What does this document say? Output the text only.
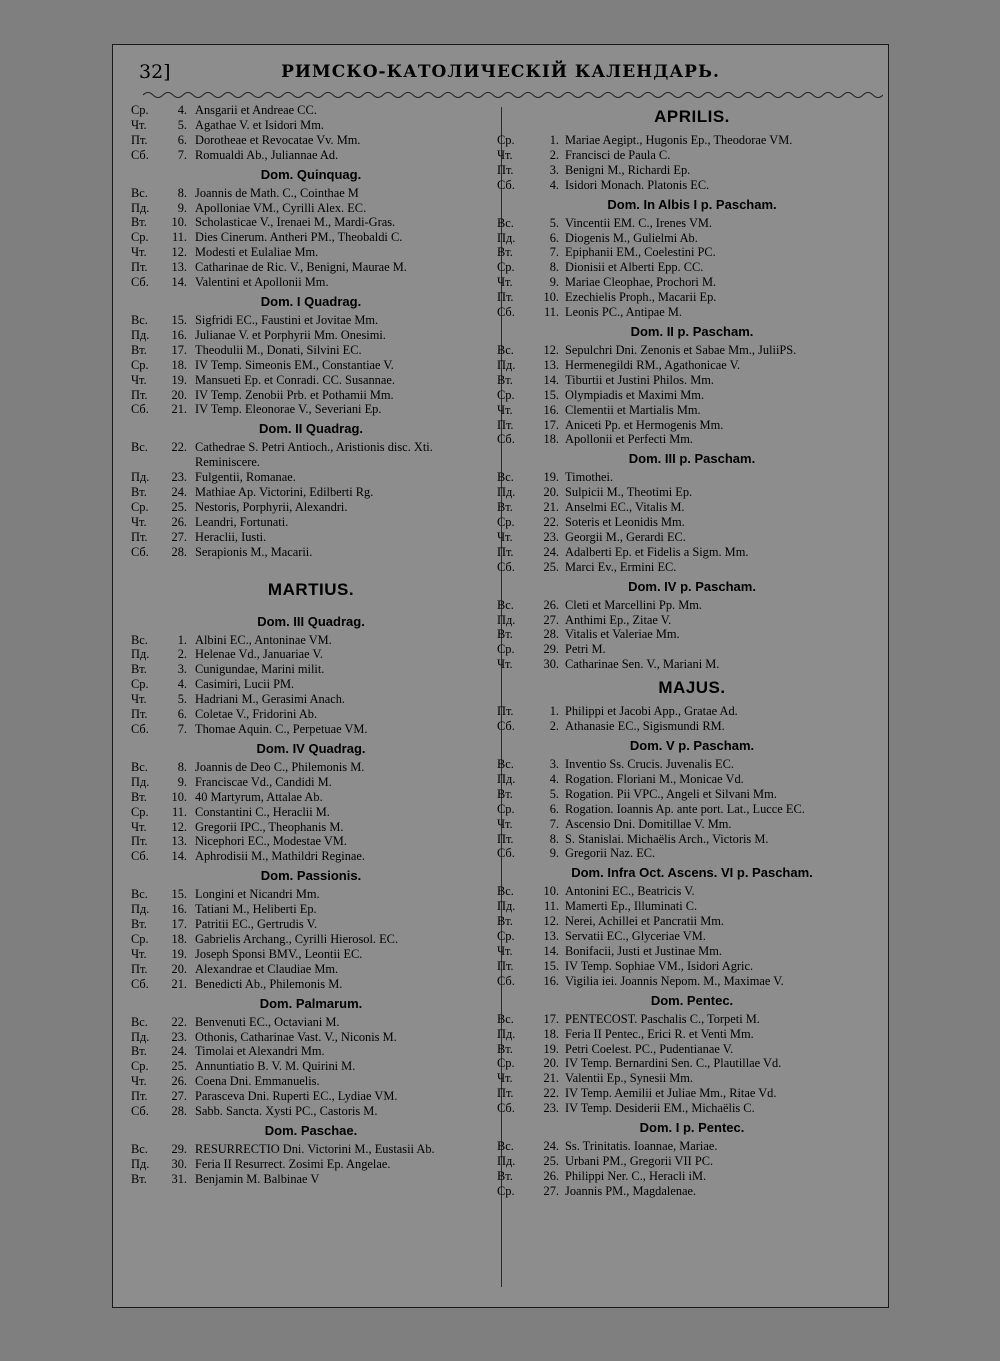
32]	РИМСКО-КАТОЛИЧЕСКІЙ КАЛЕНДАРЬ.
Ср.	4. Ansgarii et Andreae CC.
Чт.	5. Agathae V. et Isidori Mm.
Пт.	6. Dorotheae et Revocatae Vv. Mm.
Сб.	7. Romualdi Ab., Juliannae Ad.
Dom. Quinquag.
Вс.	8. Joannis de Math. C., Cointhae M
Пд.	9. Apolloniae VM., Cyrilli Alex. EC.
Вт.	10. Scholasticae V., Irenaei M., Mardi-Gras.
Ср.	11. Dies Cinerum. Antheri PM., Theobaldi C.
Чт.	12. Modesti et Eulaliae Mm.
Пт.	13. Catharinae de Ric. V., Benigni, Maurae M.
Сб.	14. Valentini et Apollonii Mm.
Dom. I Quadrag.
Вс.	15. Sigfridi EC., Faustini et Jovitae Mm.
Пд.	16. Julianae V. et Porphyrii Mm. Onesimi.
Вт.	17. Theodulii M., Donati, Silvini EC.
Ср.	18. IV Temp. Simeonis EM., Constantiae V.
Чт.	19. Mansueti Ep. et Conradi. CC. Susannae.
Пт.	20. IV Temp. Zenobii Prb. et Pothamii Mm.
Сб.	21. IV Temp. Eleonorae V., Severiani Ep.
Dom. II Quadrag.
Вс.	22. Cathedrae S. Petri Antioch., Aristionis disc. Xti. Reminiscere.
Пд.	23. Fulgentii, Romanae.
Вт.	24. Mathiae Ap. Victorini, Edilberti Rg.
Ср.	25. Nestoris, Porphyrii, Alexandri.
Чт.	26. Leandri, Fortunati.
Пт.	27. Heraclii, Iusti.
Сб.	28. Serapionis M., Macarii.
MARTIUS.
Dom. III Quadrag.
Вс.	1. Albini EC., Antoninae VM.
Пд.	2. Helenae Vd., Januariae V.
Вт.	3. Cunigundae, Marini milit.
Ср.	4. Casimiri, Lucii PM.
Чт.	5. Hadriani M., Gerasimi Anach.
Пт.	6. Coletae V., Fridorini Ab.
Сб.	7. Thomae Aquin. C., Perpetuae VM.
Dom. IV Quadrag.
Вс.	8. Joannis de Deo C., Philemonis M.
Пд.	9. Franciscae Vd., Candidi M.
Вт.	10. 40 Martyrum, Attalae Ab.
Ср.	11. Constantini C., Heraclii M.
Чт.	12. Gregorii IPC., Theophanis M.
Пт.	13. Nicephori EC., Modestae VM.
Сб.	14. Aphrodisii M., Mathildri Reginae.
Dom. Passionis.
Вс.	15. Longini et Nicandri Mm.
Пд.	16. Tatiani M., Heliberti Ep.
Вт.	17. Patritii EC., Gertrudis V.
Ср.	18. Gabrielis Archang., Cyrilli Hierosol. EC.
Чт.	19. Joseph Sponsi BMV., Leontii EC.
Пт.	20. Alexandrae et Claudiae Mm.
Сб.	21. Benedicti Ab., Philemonis M.
Dom. Palmarum.
Вс.	22. Benvenuti EC., Octaviani M.
Пд.	23. Othonis, Catharinae Vast. V., Niconis M.
Вт.	24. Timolai et Alexandri Mm.
Ср.	25. Annuntiatio B. V. M. Quirini M.
Чт.	26. Coena Dni. Emmanuelis.
Пт.	27. Parasceva Dni. Ruperti EC., Lydiae VM.
Сб.	28. Sabb. Sancta. Xysti PC., Castoris M.
Dom. Paschae.
Вс.	29. RESURRECTIO Dni. Victorini M., Eustasii Ab.
Пд.	30. Feria II Resurrect. Zosimi Ep. Angelae.
Вт.	31. Benjamin M. Balbinae V
APRILIS.
Ср.	1. Mariae Aegipt., Hugonis Ep., Theodorae VM.
Чт.	2. Francisci de Paula C.
Пт.	3. Benigni M., Richardi Ep.
Сб.	4. Isidori Monach. Platonis EC.
Dom. In Albis I p. Pascham.
Вс.	5. Vincentii EM. C., Irenes VM.
Пд.	6. Diogenis M., Gulielmi Ab.
Вт.	7. Epiphanii EM., Coelestini PC.
Ср.	8. Dionisii et Alberti Epp. CC.
Чт.	9. Mariae Cleophae, Prochori M.
Пт.	10. Ezechielis Proph., Macarii Ep.
Сб.	11. Leonis PC., Antipae M.
Dom. II p. Pascham.
Вс.	12. Sepulchri Dni. Zenonis et Sabae Mm., JuliiPS.
Пд.	13. Hermenegildi RM., Agathonicae V.
Вт.	14. Tiburtii et Justini Philos. Mm.
Ср.	15. Olympiadis et Maximi Mm.
Чт.	16. Clementii et Martialis Mm.
Пт.	17. Aniceti Pp. et Hermogenis Mm.
Сб.	18. Apollonii et Perfecti Mm.
Dom. III p. Pascham.
Вс.	19. Timothei.
Пд.	20. Sulpicii M., Theotimi Ep.
Вт.	21. Anselmi EC., Vitalis M.
Ср.	22. Soteris et Leonidis Mm.
Чт.	23. Georgii M., Gerardi EC.
Пт.	24. Adalberti Ep. et Fidelis a Sigm. Mm.
Сб.	25. Marci Ev., Ermini EC.
Dom. IV p. Pascham.
Вс.	26. Cleti et Marcellini Pp. Mm.
Пд.	27. Anthimi Ep., Zitae V.
Вт.	28. Vitalis et Valeriae Mm.
Ср.	29. Petri M.
Чт.	30. Catharinae Sen. V., Mariani M.
MAJUS.
Пт.	1. Philippi et Jacobi App., Gratae Ad.
Сб.	2. Athanasie EC., Sigismundi RM.
Dom. V p. Pascham.
Вс.	3. Inventio Ss. Crucis. Juvenalis EC.
Пд.	4. Rogation. Floriani M., Monicae Vd.
Вт.	5. Rogation. Pii VPC., Angeli et Silvani Mm.
Ср.	6. Rogation. Ioannis Ap. ante port. Lat., Lucce EC.
Чт.	7. Ascensio Dni. Domitillae V. Mm.
Пт.	8. S. Stanislai. Michaëlis Arch., Victoris M.
Сб.	9. Gregorii Naz. EC.
Dom. Infra Oct. Ascens. VI p. Pascham.
Вс.	10. Antonini EC., Beatricis V.
Пд.	11. Mamerti Ep., Illuminati C.
Вт.	12. Nerei, Achillei et Pancratii Mm.
Ср.	13. Servatii EC., Glyceriae VM.
Чт.	14. Bonifacii, Justi et Justinae Mm.
Пт.	15. IV Temp. Sophiae VM., Isidori Agric.
Сб.	16. Vigilia iei. Joannis Nepom. M., Maximae V.
Dom. Pentec.
Вс.	17. PENTECOST. Paschalis C., Torpeti M.
Пд.	18. Feria II Pentec., Erici R. et Venti Mm.
Вт.	19. Petri Coelest. PC., Pudentianae V.
Ср.	20. IV Temp. Bernardini Sen. C., Plautillae Vd.
Чт.	21. Valentii Ep., Synesii Mm.
Пт.	22. IV Temp. Aemilii et Juliae Mm., Ritae Vd.
Сб.	23. IV Temp. Desiderii EM., Michaëlis C.
Dom. I p. Pentec.
Вс.	24. Ss. Trinitatis. Ioannae, Mariae.
Пд.	25. Urbani PM., Gregorii VII PC.
Вт.	26. Philippi Ner. C., Heracli iM.
Ср.	27. Joannis PM., Magdalenae.
